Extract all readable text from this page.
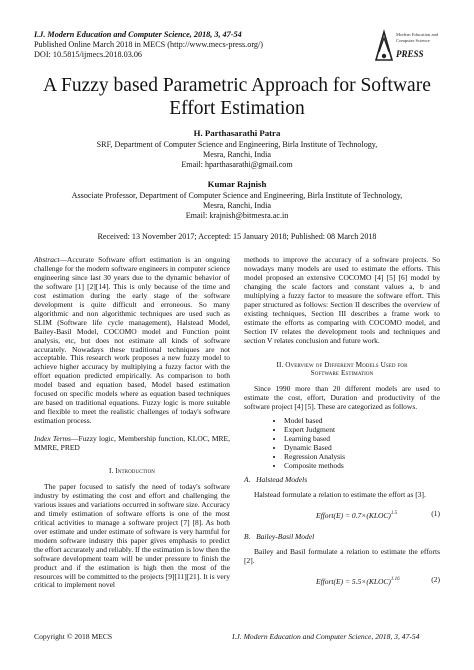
I.J. Modern Education and Computer Science, 2018, 3, 47-54
Published Online March 2018 in MECS (http://www.mecs-press.org/)
DOI: 10.5815/ijmecs.2018.03.06
Modern Education and Computer Science
PRESS
A Fuzzy based Parametric Approach for Software Effort Estimation
H. Parthasarathi Patra
SRF, Department of Computer Science and Engineering, Birla Institute of Technology,
Mesra, Ranchi, India
Email: hparthasarathi@gmail.com
Kumar Rajnish
Associate Professor, Department of Computer Science and Engineering, Birla Institute of Technology,
Mesra, Ranchi, India
Email: krajnish@bitmesra.ac.in
Received: 13 November 2017; Accepted: 15 January 2018; Published: 08 March 2018

Abstract—Accurate Software effort estimation is an ongoing challenge for the modern software engineers in computer science engineering since last 30 years due to the dynamic behavior of the software [1] [2][14]. This is only because of the time and cost estimation during the early stage of the software development is quite difficult and erroneous. So many algorithmic and non algorithmic techniques are used such as SLIM (Software life cycle management), Halstead Model, Bailey-Basil Model, COCOMO model and Function point analysis, etc, but does not estimate all kinds of software accurately. Nowadays these traditional techniques are not acceptable. This research work proposes a new fuzzy model to achieve higher accuracy by multiplying a fuzzy factor with the effort equation predicted empirically. As comparison to both model based and equation based, Model based estimation focused on specific models where as equation based techniques are based on traditional equations. Fuzzy logic is more suitable and flexible to meet the realistic challenges of today's software estimation process.

Index Terms—Fuzzy logic, Membership function, KLOC, MRE, MMRE, PRED

I. Introduction

The paper focused to satisfy the need of today's software industry by estimating the cost and effort and challenging the various issues and variations occurred in software size. Accuracy and timely estimation of software efforts is one of the most critical activities to manage a software project [7] [8]. As both over estimate and under estimate of software is very harmful for modern software industry this paper gives emphasis to predict the effort accurately and reliably. If the estimation is low then the software development team will be under pressure to finish the product and if the estimation is high then the most of the resources will be committed to the projects [9][11][21]. It is very critical to implement novel

methods to improve the accuracy of a software projects. So nowadays many models are used to estimate the efforts. This model proposed an extensive COCOMO [4] [5] [6] model by changing the scale factors and constant values a, b and multiplying a fuzzy factor to measure the software effort. This paper structured as follows: Section II describes the overview of existing techniques, Section III describes a frame work to estimate the efforts as comparing with COCOMO model, and Section IV relates the development tools and techniques and section V relates conclusion and future work.

II. Overview of Different Models Used for

Software Estimation

Since 1990 more than 20 different models are used to estimate the cost, effort, Duration and productivity of the software project [4] [5]. These are categorized as follows.

• Model based
• Expert Judgment
• Learning based
• Dynamic Based
• Regression Analysis
• Composite methods

A.   Halstead Models

Halstead formulate a relation to estimate the effort as [3].

Effort(E) = 0.7×(KLOC)$^{1.5}$	(1)

B.   Bailey-Basil Model

Bailey and Basil formulate a relation to estimate the efforts [2].

Effort(E) = 5.5×(KLOC)$^{1.16}$	(2)
Copyright © 2018 MECS	I.J. Modern Education and Computer Science, 2018, 3, 47-54
